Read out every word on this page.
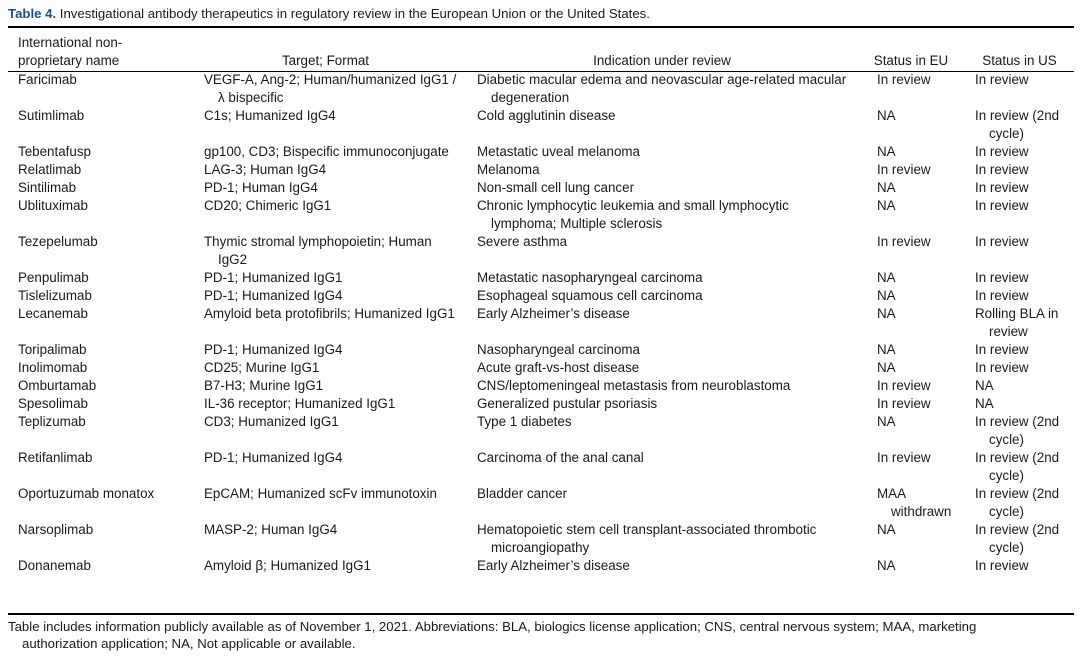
Table 4. Investigational antibody therapeutics in regulatory review in the European Union or the United States.
International non-
proprietary name	Target; Format	Indication under review	Status in EU	Status in US
Faricimab	VEGF-A, Ang-2; Human/humanized IgG1 /λ bispecific	Diabetic macular edema and neovascular age-related macular degeneration	In review	In review

Sutimlimab	C1s; Humanized IgG4	Cold agglutinin disease	NA	In review (2nd cycle)

Tebentafusp	gp100, CD3; Bispecific immunoconjugate	Metastatic uveal melanoma	NA	In review

Relatlimab	LAG-3; Human IgG4	Melanoma	In review	In review

Sintilimab	PD-1; Human IgG4	Non-small cell lung cancer	NA	In review

Ublituximab	CD20; Chimeric IgG1	Chronic lymphocytic leukemia and small lymphocytic lymphoma; Multiple sclerosis	NA	In review

Tezepelumab	Thymic stromal lymphopoietin; Human IgG2	Severe asthma	In review	In review

Penpulimab	PD-1; Humanized IgG1	Metastatic nasopharyngeal carcinoma	NA	In review

Tislelizumab	PD-1; Humanized IgG4	Esophageal squamous cell carcinoma	NA	In review

Lecanemab	Amyloid beta protofibrils; Humanized IgG1	Early Alzheimer’s disease	NA	Rolling BLA in review

Toripalimab	PD-1; Humanized IgG4	Nasopharyngeal carcinoma	NA	In review

Inolimomab	CD25; Murine IgG1	Acute graft-vs-host disease	NA	In review

Omburtamab	B7-H3; Murine IgG1	CNS/leptomeningeal metastasis from neuroblastoma	In review	NA

Spesolimab	IL-36 receptor; Humanized IgG1	Generalized pustular psoriasis	In review	NA

Teplizumab	CD3; Humanized IgG1	Type 1 diabetes	NA	In review (2nd cycle)

Retifanlimab	PD-1; Humanized IgG4	Carcinoma of the anal canal	In review	In review (2nd cycle)

Oportuzumab monatox	EpCAM; Humanized scFv immunotoxin	Bladder cancer	MAA withdrawn	In review (2nd cycle)

Narsoplimab	MASP-2; Human IgG4	Hematopoietic stem cell transplant-associated thrombotic microangiopathy	NA	In review (2nd cycle)

Donanemab	Amyloid β; Humanized IgG1	Early Alzheimer’s disease	NA	In review
Table includes information publicly available as of November 1, 2021. Abbreviations: BLA, biologics license application; CNS, central nervous system; MAA, marketing
authorization application; NA, Not applicable or available.
